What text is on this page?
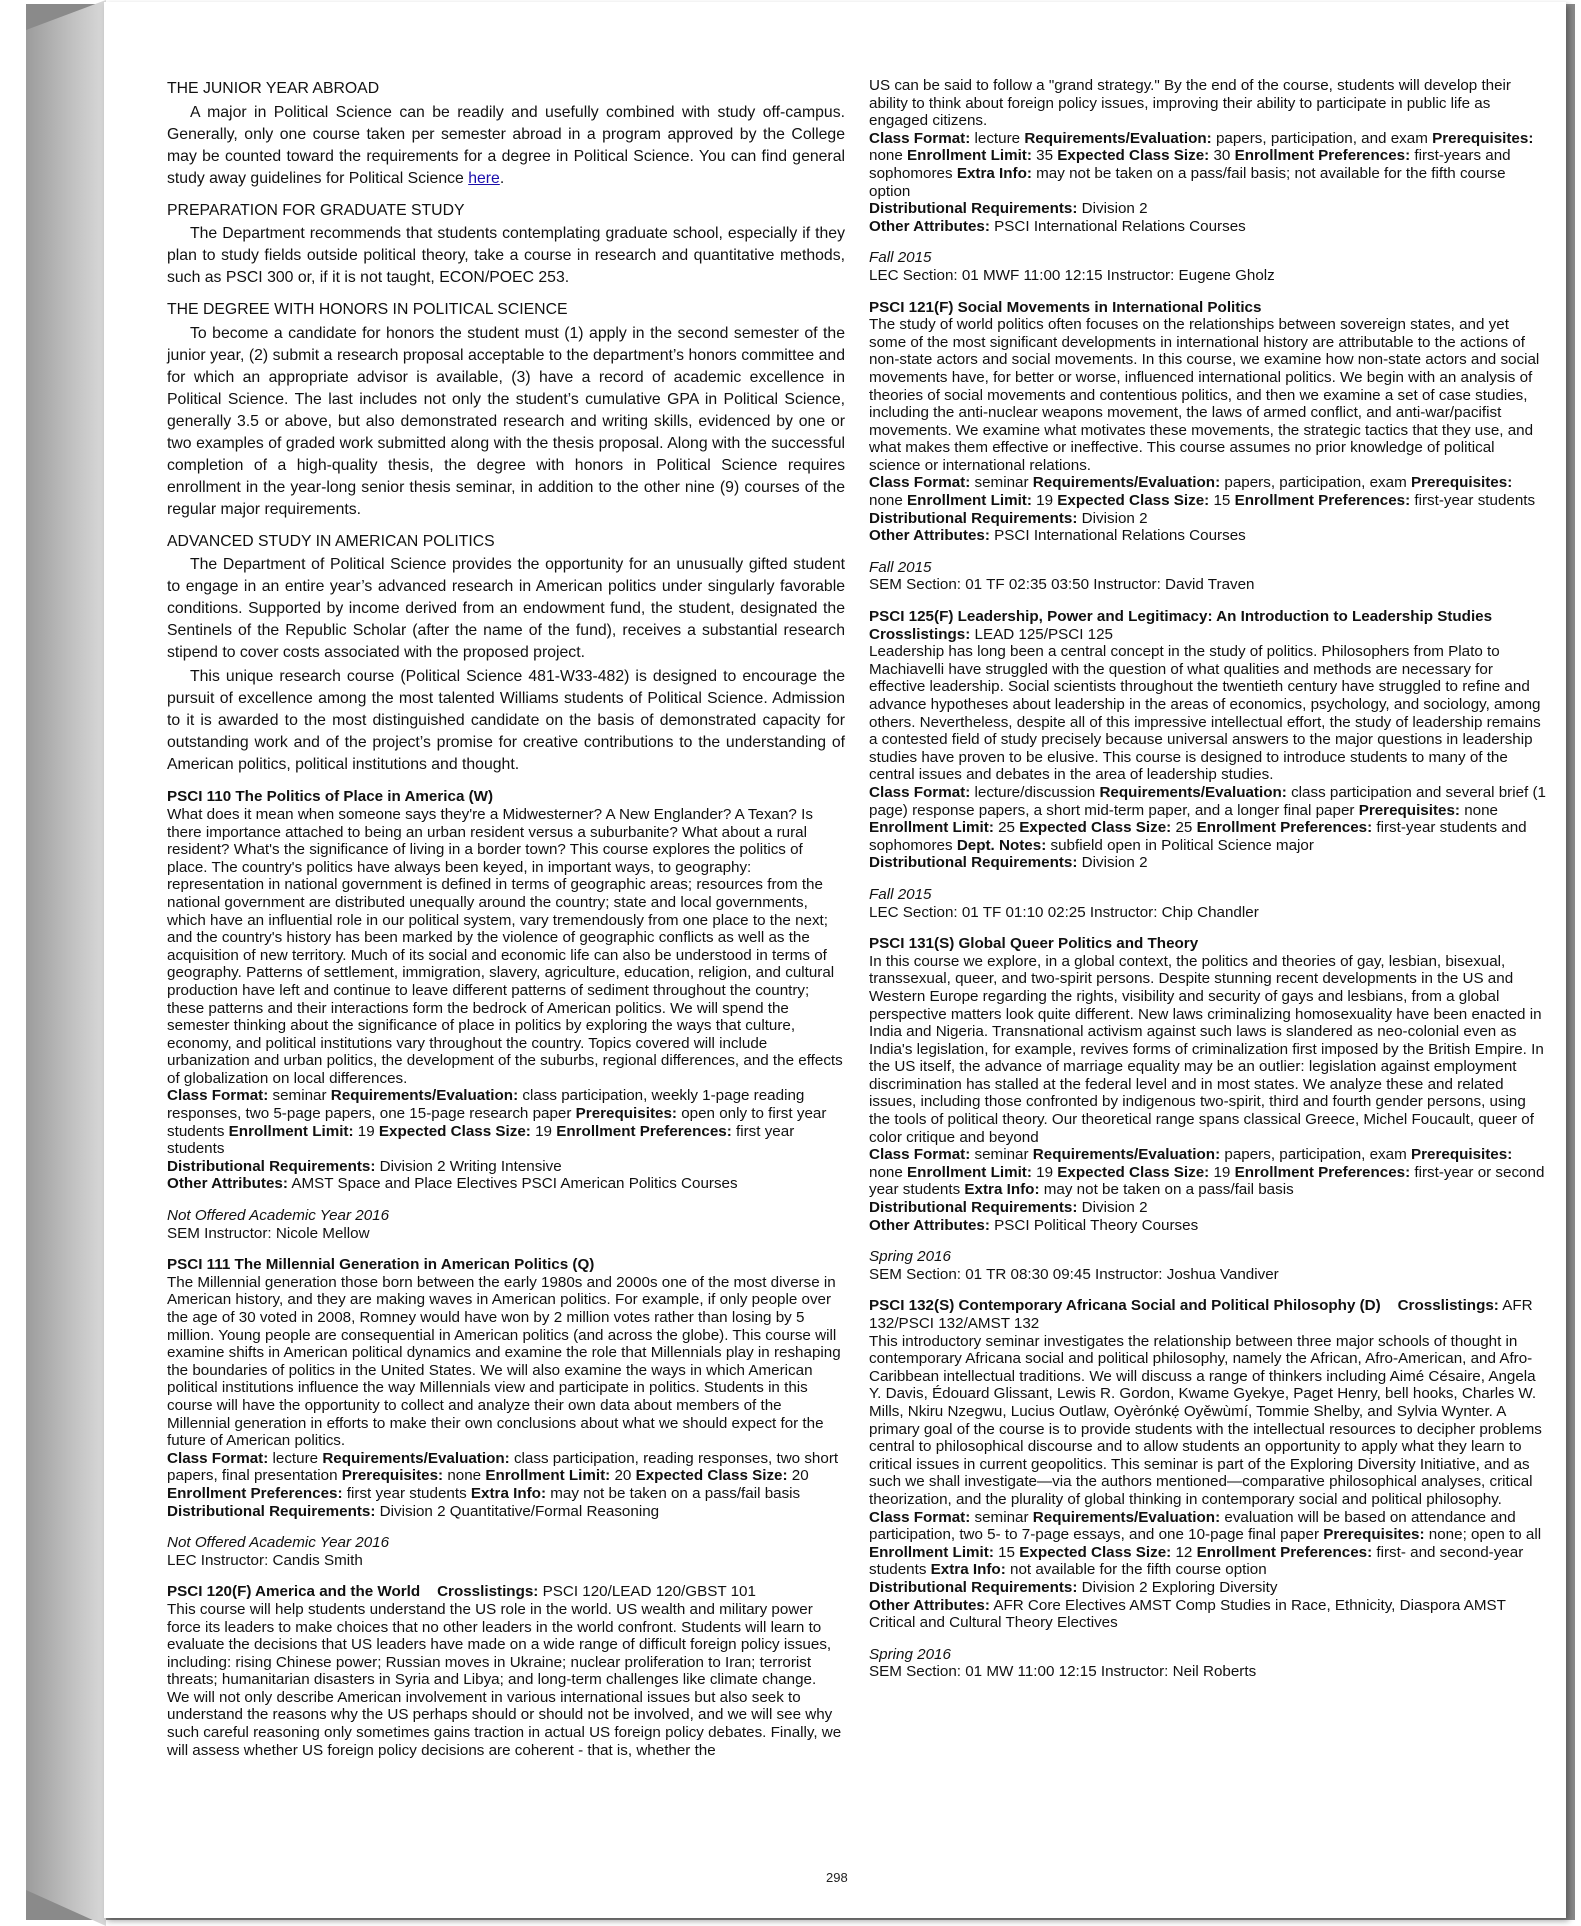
THE JUNIOR YEAR ABROAD

A major in Political Science can be readily and usefully combined with study off-campus. Generally, only one course taken per semester abroad in a program approved by the College may be counted toward the requirements for a degree in Political Science. You can find general study away guidelines for Political Science here.

PREPARATION FOR GRADUATE STUDY

The Department recommends that students contemplating graduate school, especially if they plan to study fields outside political theory, take a course in research and quantitative methods, such as PSCI 300 or, if it is not taught, ECON/POEC 253.

THE DEGREE WITH HONORS IN POLITICAL SCIENCE

To become a candidate for honors the student must (1) apply in the second semester of the junior year, (2) submit a research proposal acceptable to the department’s honors committee and for which an appropriate advisor is available, (3) have a record of academic excellence in Political Science. The last includes not only the student’s cumulative GPA in Political Science, generally 3.5 or above, but also demonstrated research and writing skills, evidenced by one or two examples of graded work submitted along with the thesis proposal. Along with the successful completion of a high-quality thesis, the degree with honors in Political Science requires enrollment in the year-long senior thesis seminar, in addition to the other nine (9) courses of the regular major requirements.

ADVANCED STUDY IN AMERICAN POLITICS

The Department of Political Science provides the opportunity for an unusually gifted student to engage in an entire year’s advanced research in American politics under singularly favorable conditions. Supported by income derived from an endowment fund, the student, designated the Sentinels of the Republic Scholar (after the name of the fund), receives a substantial research stipend to cover costs associated with the proposed project.

This unique research course (Political Science 481-W33-482) is designed to encourage the pursuit of excellence among the most talented Williams students of Political Science. Admission to it is awarded to the most distinguished candidate on the basis of demonstrated capacity for outstanding work and of the project’s promise for creative contributions to the understanding of American politics, political institutions and thought.

PSCI 110 The Politics of Place in America (W)
What does it mean when someone says they're a Midwesterner? A New Englander? A Texan? Is there importance attached to being an urban resident versus a suburbanite? What about a rural resident? What's the significance of living in a border town? This course explores the politics of place. The country's politics have always been keyed, in important ways, to geography: representation in national government is defined in terms of geographic areas; resources from the national government are distributed unequally around the country; state and local governments, which have an influential role in our political system, vary tremendously from one place to the next; and the country's history has been marked by the violence of geographic conflicts as well as the acquisition of new territory. Much of its social and economic life can also be understood in terms of geography. Patterns of settlement, immigration, slavery, agriculture, education, religion, and cultural production have left and continue to leave different patterns of sediment throughout the country; these patterns and their interactions form the bedrock of American politics. We will spend the semester thinking about the significance of place in politics by exploring the ways that culture, economy, and political institutions vary throughout the country. Topics covered will include urbanization and urban politics, the development of the suburbs, regional differences, and the effects of globalization on local differences.
Class Format: seminar Requirements/Evaluation: class participation, weekly 1-page reading responses, two 5-page papers, one 15-page research paper Prerequisites: open only to first year students Enrollment Limit: 19 Expected Class Size: 19 Enrollment Preferences: first year students
Distributional Requirements: Division 2 Writing Intensive
Other Attributes: AMST Space and Place Electives PSCI American Politics Courses
Not Offered Academic Year 2016
SEM Instructor: Nicole Mellow
PSCI 111 The Millennial Generation in American Politics (Q)
The Millennial generation those born between the early 1980s and 2000s one of the most diverse in American history, and they are making waves in American politics. For example, if only people over the age of 30 voted in 2008, Romney would have won by 2 million votes rather than losing by 5 million. Young people are consequential in American politics (and across the globe). This course will examine shifts in American political dynamics and examine the role that Millennials play in reshaping the boundaries of politics in the United States. We will also examine the ways in which American political institutions influence the way Millennials view and participate in politics. Students in this course will have the opportunity to collect and analyze their own data about members of the Millennial generation in efforts to make their own conclusions about what we should expect for the future of American politics.
Class Format: lecture Requirements/Evaluation: class participation, reading responses, two short papers, final presentation Prerequisites: none Enrollment Limit: 20 Expected Class Size: 20 Enrollment Preferences: first year students Extra Info: may not be taken on a pass/fail basis
Distributional Requirements: Division 2 Quantitative/Formal Reasoning
Not Offered Academic Year 2016
LEC Instructor: Candis Smith
PSCI 120(F) America and the World Crosslistings: PSCI 120/LEAD 120/GBST 101
This course will help students understand the US role in the world. US wealth and military power force its leaders to make choices that no other leaders in the world confront. Students will learn to evaluate the decisions that US leaders have made on a wide range of difficult foreign policy issues, including: rising Chinese power; Russian moves in Ukraine; nuclear proliferation to Iran; terrorist threats; humanitarian disasters in Syria and Libya; and long-term challenges like climate change.
We will not only describe American involvement in various international issues but also seek to understand the reasons why the US perhaps should or should not be involved, and we will see why such careful reasoning only sometimes gains traction in actual US foreign policy debates. Finally, we will assess whether US foreign policy decisions are coherent - that is, whether the
US can be said to follow a "grand strategy." By the end of the course, students will develop their ability to think about foreign policy issues, improving their ability to participate in public life as engaged citizens.
Class Format: lecture Requirements/Evaluation: papers, participation, and exam Prerequisites: none Enrollment Limit: 35 Expected Class Size: 30 Enrollment Preferences: first-years and sophomores Extra Info: may not be taken on a pass/fail basis; not available for the fifth course option
Distributional Requirements: Division 2
Other Attributes: PSCI International Relations Courses
Fall 2015
LEC Section: 01 MWF 11:00 12:15 Instructor: Eugene Gholz
PSCI 121(F) Social Movements in International Politics
The study of world politics often focuses on the relationships between sovereign states, and yet some of the most significant developments in international history are attributable to the actions of non-state actors and social movements. In this course, we examine how non-state actors and social movements have, for better or worse, influenced international politics. We begin with an analysis of theories of social movements and contentious politics, and then we examine a set of case studies, including the anti-nuclear weapons movement, the laws of armed conflict, and anti-war/pacifist movements. We examine what motivates these movements, the strategic tactics that they use, and what makes them effective or ineffective. This course assumes no prior knowledge of political science or international relations.
Class Format: seminar Requirements/Evaluation: papers, participation, exam Prerequisites: none Enrollment Limit: 19 Expected Class Size: 15 Enrollment Preferences: first-year students
Distributional Requirements: Division 2
Other Attributes: PSCI International Relations Courses
Fall 2015
SEM Section: 01 TF 02:35 03:50 Instructor: David Traven
PSCI 125(F) Leadership, Power and Legitimacy: An Introduction to Leadership Studies
Crosslistings: LEAD 125/PSCI 125
Leadership has long been a central concept in the study of politics. Philosophers from Plato to Machiavelli have struggled with the question of what qualities and methods are necessary for effective leadership. Social scientists throughout the twentieth century have struggled to refine and advance hypotheses about leadership in the areas of economics, psychology, and sociology, among others. Nevertheless, despite all of this impressive intellectual effort, the study of leadership remains a contested field of study precisely because universal answers to the major questions in leadership studies have proven to be elusive. This course is designed to introduce students to many of the central issues and debates in the area of leadership studies.
Class Format: lecture/discussion Requirements/Evaluation: class participation and several brief (1 page) response papers, a short mid-term paper, and a longer final paper Prerequisites: none Enrollment Limit: 25 Expected Class Size: 25 Enrollment Preferences: first-year students and sophomores Dept. Notes: subfield open in Political Science major
Distributional Requirements: Division 2
Fall 2015
LEC Section: 01 TF 01:10 02:25 Instructor: Chip Chandler
PSCI 131(S) Global Queer Politics and Theory
In this course we explore, in a global context, the politics and theories of gay, lesbian, bisexual, transsexual, queer, and two-spirit persons. Despite stunning recent developments in the US and Western Europe regarding the rights, visibility and security of gays and lesbians, from a global perspective matters look quite different. New laws criminalizing homosexuality have been enacted in India and Nigeria. Transnational activism against such laws is slandered as neo-colonial even as India's legislation, for example, revives forms of criminalization first imposed by the British Empire. In the US itself, the advance of marriage equality may be an outlier: legislation against employment discrimination has stalled at the federal level and in most states. We analyze these and related issues, including those confronted by indigenous two-spirit, third and fourth gender persons, using the tools of political theory. Our theoretical range spans classical Greece, Michel Foucault, queer of color critique and beyond
Class Format: seminar Requirements/Evaluation: papers, participation, exam Prerequisites: none Enrollment Limit: 19 Expected Class Size: 19 Enrollment Preferences: first-year or second year students Extra Info: may not be taken on a pass/fail basis
Distributional Requirements: Division 2
Other Attributes: PSCI Political Theory Courses
Spring 2016
SEM Section: 01 TR 08:30 09:45 Instructor: Joshua Vandiver
PSCI 132(S) Contemporary Africana Social and Political Philosophy (D) Crosslistings: AFR 132/PSCI 132/AMST 132
This introductory seminar investigates the relationship between three major schools of thought in contemporary Africana social and political philosophy, namely the African, Afro-American, and Afro-Caribbean intellectual traditions. We will discuss a range of thinkers including Aimé Césaire, Angela Y. Davis, Édouard Glissant, Lewis R. Gordon, Kwame Gyekye, Paget Henry, bell hooks, Charles W. Mills, Nkiru Nzegwu, Lucius Outlaw, Oyèrónkẹ́ Oyěwùmí, Tommie Shelby, and Sylvia Wynter. A primary goal of the course is to provide students with the intellectual resources to decipher problems central to philosophical discourse and to allow students an opportunity to apply what they learn to critical issues in current geopolitics. This seminar is part of the Exploring Diversity Initiative, and as such we shall investigate—via the authors mentioned—comparative philosophical analyses, critical theorization, and the plurality of global thinking in contemporary social and political philosophy.
Class Format: seminar Requirements/Evaluation: evaluation will be based on attendance and participation, two 5- to 7-page essays, and one 10-page final paper Prerequisites: none; open to all Enrollment Limit: 15 Expected Class Size: 12 Enrollment Preferences: first- and second-year students Extra Info: not available for the fifth course option
Distributional Requirements: Division 2 Exploring Diversity
Other Attributes: AFR Core Electives AMST Comp Studies in Race, Ethnicity, Diaspora AMST Critical and Cultural Theory Electives
Spring 2016
SEM Section: 01 MW 11:00 12:15 Instructor: Neil Roberts
298
